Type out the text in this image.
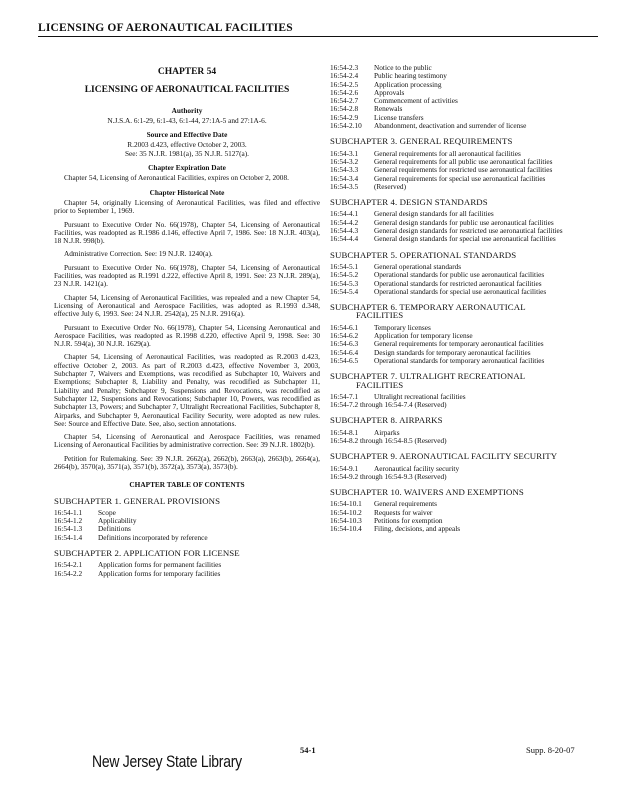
LICENSING OF AERONAUTICAL FACILITIES
CHAPTER 54
LICENSING OF AERONAUTICAL FACILITIES
Authority
N.J.S.A. 6:1-29, 6:1-43, 6:1-44, 27:1A-5 and 27:1A-6.
Source and Effective Date
R.2003 d.423, effective October 2, 2003.
See: 35 N.J.R. 1981(a), 35 N.J.R. 5127(a).
Chapter Expiration Date
Chapter 54, Licensing of Aeronautical Facilities, expires on October 2, 2008.
Chapter Historical Note
Chapter 54, originally Licensing of Aeronautical Facilities, was filed and effective prior to September 1, 1969.
Pursuant to Executive Order No. 66(1978), Chapter 54, Licensing of Aeronautical Facilities, was readopted as R.1986 d.146, effective April 7, 1986. See: 18 N.J.R. 403(a), 18 N.J.R. 998(b).
Administrative Correction. See: 19 N.J.R. 1240(a).
Pursuant to Executive Order No. 66(1978), Chapter 54, Licensing of Aeronautical Facilities, was readopted as R.1991 d.222, effective April 8, 1991. See: 23 N.J.R. 289(a), 23 N.J.R. 1421(a).
Chapter 54, Licensing of Aeronautical Facilities, was repealed and a new Chapter 54, Licensing of Aeronautical and Aerospace Facilities, was adopted as R.1993 d.348, effective July 6, 1993. See: 24 N.J.R. 2542(a), 25 N.J.R. 2916(a).
Pursuant to Executive Order No. 66(1978), Chapter 54, Licensing Aeronautical and Aerospace Facilities, was readopted as R.1998 d.220, effective April 9, 1998. See: 30 N.J.R. 594(a), 30 N.J.R. 1629(a).
Chapter 54, Licensing of Aeronautical Facilities, was readopted as R.2003 d.423, effective October 2, 2003. As part of R.2003 d.423, effective November 3, 2003, Subchapter 7, Waivers and Exemptions, was recodified as Subchapter 10, Waivers and Exemptions; Subchapter 8, Liability and Penalty, was recodified as Subchapter 11, Liability and Penalty; Subchapter 9, Suspensions and Revocations, was recodified as Subchapter 12, Suspensions and Revocations; Subchapter 10, Powers, was recodified as Subchapter 13, Powers; and Subchapter 7, Ultralight Recreational Facilities, Subchapter 8, Airparks, and Subchapter 9, Aeronautical Facility Security, were adopted as new rules. See: Source and Effective Date. See, also, section annotations.
Chapter 54, Licensing of Aeronautical and Aerospace Facilities, was renamed Licensing of Aeronautical Facilities by administrative correction. See: 39 N.J.R. 1802(b).
Petition for Rulemaking. See: 39 N.J.R. 2662(a), 2662(b), 2663(a), 2663(b), 2664(a), 2664(b), 3570(a), 3571(a), 3571(b), 3572(a), 3573(a), 3573(b).
CHAPTER TABLE OF CONTENTS
SUBCHAPTER 1. GENERAL PROVISIONS
16:54-1.1	Scope
16:54-1.2	Applicability
16:54-1.3	Definitions
16:54-1.4	Definitions incorporated by reference
SUBCHAPTER 2. APPLICATION FOR LICENSE
16:54-2.1	Application forms for permanent facilities
16:54-2.2	Application forms for temporary facilities
16:54-2.3	Notice to the public
16:54-2.4	Public hearing testimony
16:54-2.5	Application processing
16:54-2.6	Approvals
16:54-2.7	Commencement of activities
16:54-2.8	Renewals
16:54-2.9	License transfers
16:54-2.10	Abandonment, deactivation and surrender of license
SUBCHAPTER 3. GENERAL REQUIREMENTS
16:54-3.1	General requirements for all aeronautical facilities
16:54-3.2	General requirements for all public use aeronautical facilities
16:54-3.3	General requirements for restricted use aeronautical facilities
16:54-3.4	General requirements for special use aeronautical facilities
16:54-3.5	(Reserved)
SUBCHAPTER 4. DESIGN STANDARDS
16:54-4.1	General design standards for all facilities
16:54-4.2	General design standards for public use aeronautical facilities
16:54-4.3	General design standards for restricted use aeronautical facilities
16:54-4.4	General design standards for special use aeronautical facilities
SUBCHAPTER 5. OPERATIONAL STANDARDS
16:54-5.1	General operational standards
16:54-5.2	Operational standards for public use aeronautical facilities
16:54-5.3	Operational standards for restricted aeronautical facilities
16:54-5.4	Operational standards for special use aeronautical facilities
SUBCHAPTER 6. TEMPORARY AERONAUTICAL
FACILITIES
16:54-6.1	Temporary licenses
16:54-6.2	Application for temporary license
16:54-6.3	General requirements for temporary aeronautical facilities
16:54-6.4	Design standards for temporary aeronautical facilities
16:54-6.5	Operational standards for temporary aeronautical facilities
SUBCHAPTER 7. ULTRALIGHT RECREATIONAL
FACILITIES
16:54-7.1	Ultralight recreational facilities
16:54-7.2 through 16:54-7.4 (Reserved)
SUBCHAPTER 8. AIRPARKS
16:54-8.1	Airparks
16:54-8.2 through 16:54-8.5 (Reserved)
SUBCHAPTER 9. AERONAUTICAL FACILITY SECURITY
16:54-9.1	Aeronautical facility security
16:54-9.2 through 16:54-9.3 (Reserved)
SUBCHAPTER 10. WAIVERS AND EXEMPTIONS
16:54-10.1	General requirements
16:54-10.2	Requests for waiver
16:54-10.3	Petitions for exemption
16:54-10.4	Filing, decisions, and appeals
New Jersey State Library
54-1	Supp. 8-20-07
